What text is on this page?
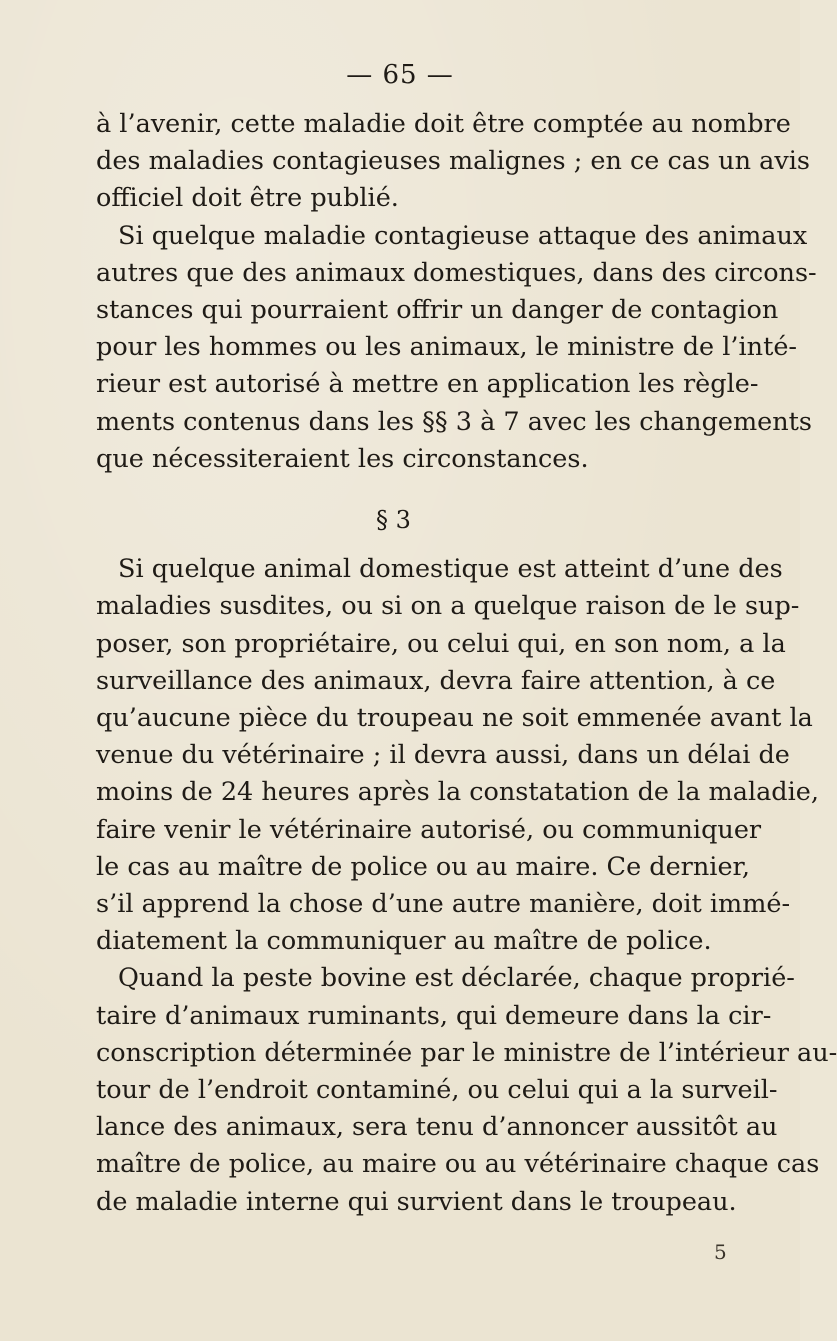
— 65 —
à l’avenir, cette maladie doit être comptée au nombre
des maladies contagieuses malignes ; en ce cas un avis
officiel doit être publié.
Si quelque maladie contagieuse attaque des animaux
autres que des animaux domestiques, dans des circons-
stances qui pourraient offrir un danger de contagion
pour les hommes ou les animaux, le ministre de l’inté-
rieur est autorisé à mettre en application les règle-
ments contenus dans les §§ 3 à 7 avec les changements
que nécessiteraient les circonstances.
§ 3
Si quelque animal domestique est atteint d’une des
maladies susdites, ou si on a quelque raison de le sup-
poser, son propriétaire, ou celui qui, en son nom, a la
surveillance des animaux, devra faire attention, à ce
qu’aucune pièce du troupeau ne soit emmenée avant la
venue du vétérinaire ; il devra aussi, dans un délai de
moins de 24 heures après la constatation de la maladie,
faire venir le vétérinaire autorisé, ou communiquer
le cas au maître de police ou au maire. Ce dernier,
s’il apprend la chose d’une autre manière, doit immé-
diatement la communiquer au maître de police.
Quand la peste bovine est déclarée, chaque proprié-
taire d’animaux ruminants, qui demeure dans la cir-
conscription déterminée par le ministre de l’intérieur au-
tour de l’endroit contaminé, ou celui qui a la surveil-
lance des animaux, sera tenu d’annoncer aussitôt au
maître de police, au maire ou au vétérinaire chaque cas
de maladie interne qui survient dans le troupeau.
5
